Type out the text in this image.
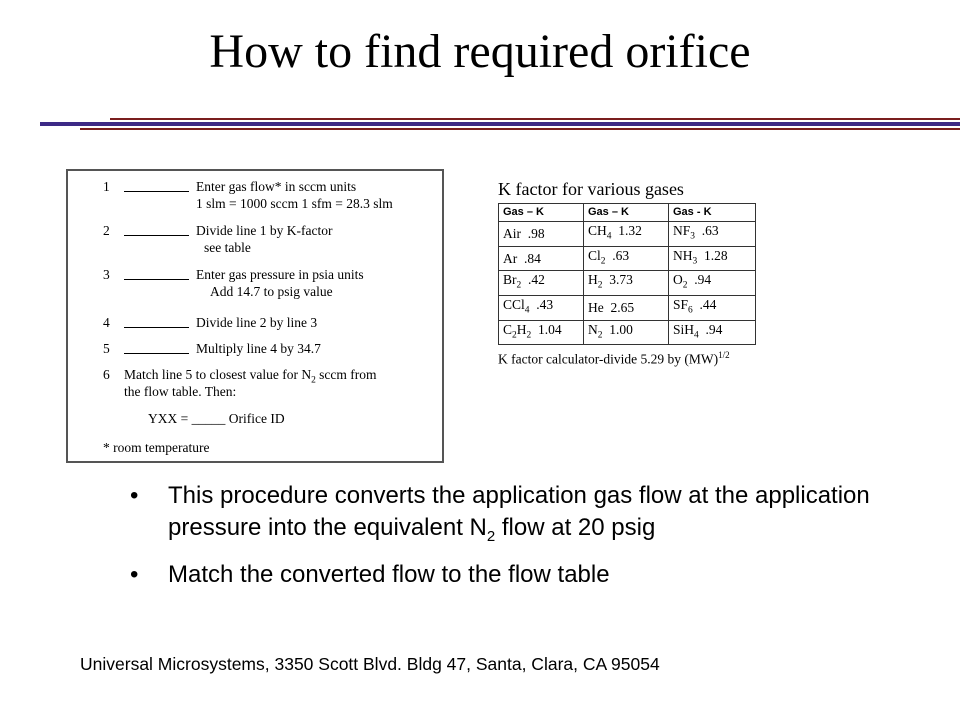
How to find required orifice
1	Enter gas flow* in sccm units
1 slm = 1000 sccm 1 sfm = 28.3 slm
2	Divide line 1 by K-factor
see table
3	Enter gas pressure in psia units
Add 14.7 to psig value
4	Divide line 2 by line 3
5	Multiply line 4 by 34.7
6 Match line 5 to closest value for $N_2$ sccm from
the flow table. Then:
YXX = _____ Orifice ID
* room temperature
K factor for various gases
Gas – K	Gas – K	Gas - K
Air  .98	$CH_4$  1.32	$NF_3$  .63
Ar  .84	$Cl_2$  .63	$NH_3$  1.28
$Br_2$  .42	$H_2$  3.73	$O_2$  .94
CCl$_4$  .43	He  2.65	$SF_6$  .44
$C_2H_2$  1.04	$N_2$  1.00	SiH$_4$  .94
K factor calculator-divide 5.29 by (MW)$^{1/2}$
• This procedure converts the application gas flow at the application pressure into the equivalent $N_2$ flow at 20 psig
• Match the converted flow to the flow table
Universal Microsystems, 3350 Scott Blvd. Bldg 47, Santa, Clara, CA 95054
